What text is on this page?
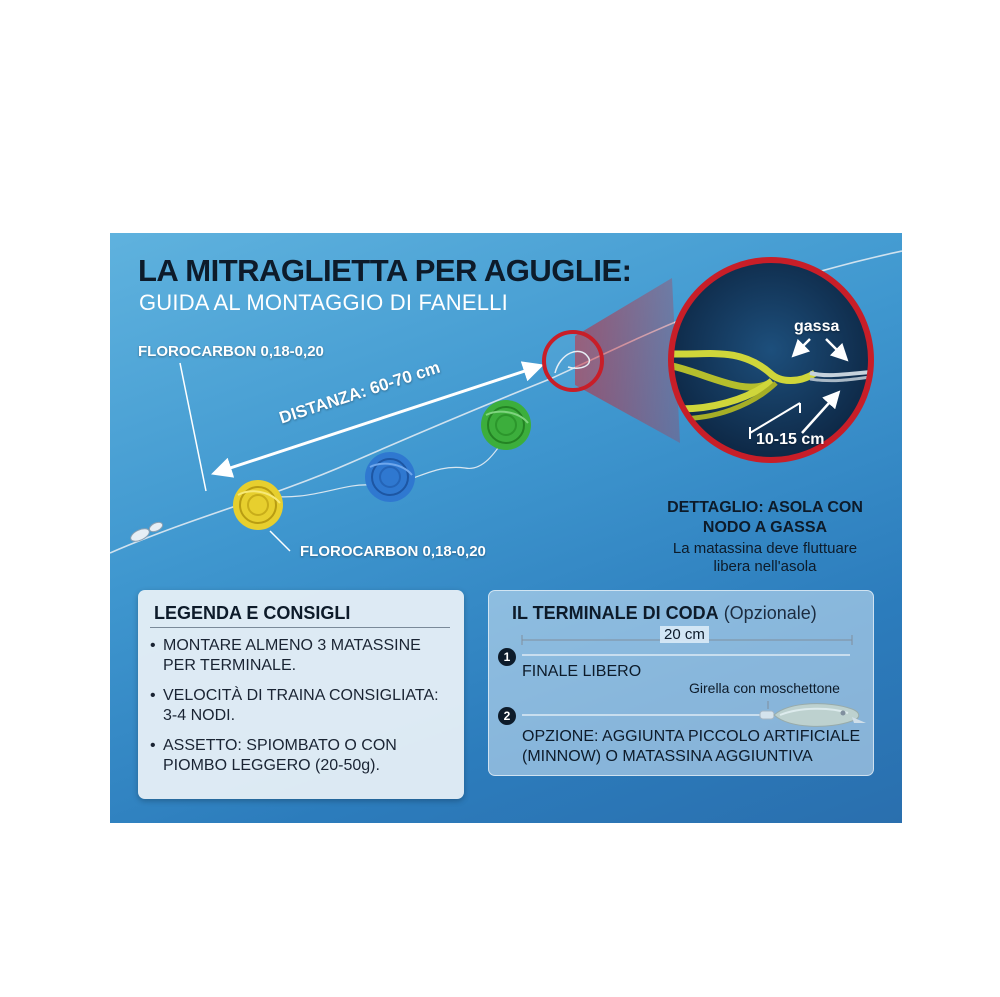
LA MITRAGLIETTA PER AGUGLIE:
GUIDA AL MONTAGGIO DI FANELLI
FLOROCARBON 0,18-0,20
FLOROCARBON 0,18-0,20
DISTANZA: 60-70 cm
gassa
10-15 cm
DETTAGLIO: ASOLA CON
NODO A GASSA
La matassina deve fluttuare
libera nell'asola
LEGENDA E CONSIGLI
• MONTARE ALMENO 3 MATASSINE
PER TERMINALE.
• VELOCITÀ DI TRAINA CONSIGLIATA:
3-4 NODI.
• ASSETTO: SPIOMBATO O CON
PIOMBO LEGGERO (20-50g).
IL TERMINALE DI CODA (Opzionale)
20 cm
1
FINALE LIBERO
Girella con moschettone
2
OPZIONE: AGGIUNTA PICCOLO ARTIFICIALE
(MINNOW) O MATASSINA AGGIUNTIVA
